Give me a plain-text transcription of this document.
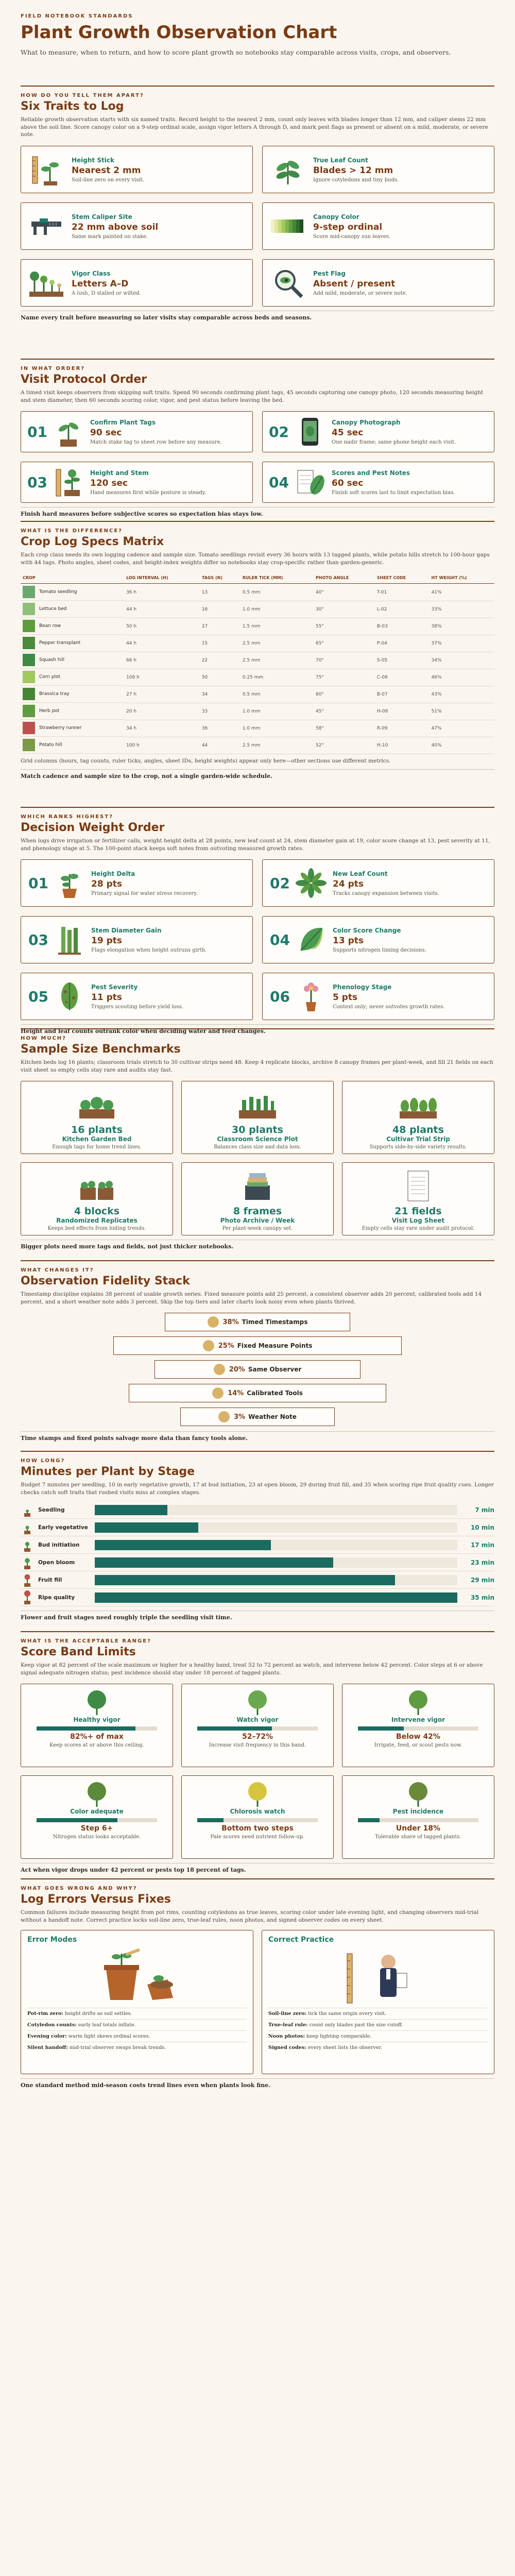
FIELD NOTEBOOK STANDARDS
Plant Growth Observation Chart

What to measure, when to return, and how to score plant growth so notebooks stay comparable across visits, crops, and observers.

HOW DO YOU TELL THEM APART?
Six Traits to Log

Reliable growth observation starts with six named traits. Record height to the nearest 2 mm, count only leaves with blades longer than 12 mm, and caliper stems 22 mm above the soil line. Score canopy color on a 9-step ordinal scale, assign vigor letters A through D, and mark pest flags as present or absent on a mild, moderate, or severe note.

Height Stick
Nearest 2 mm
Soil-line zero on every visit.
True Leaf Count
Blades > 12 mm
Ignore cotyledons and tiny buds.
Stem Caliper Site
22 mm above soil
Same mark painted on stake.
Canopy Color
9-step ordinal
Score mid-canopy sun leaves.
Vigor Class
Letters A–D
A lush, D stalled or wilted.
Pest Flag
Absent / present
Add mild, moderate, or severe note.
Name every trait before measuring so later visits stay comparable across beds and seasons.
IN WHAT ORDER?
Visit Protocol Order

A timed visit keeps observers from skipping soft traits. Spend 90 seconds confirming plant tags, 45 seconds capturing one canopy photo, 120 seconds measuring height and stem diameter, then 60 seconds scoring color, vigor, and pest status before leaving the bed.

01
Confirm Plant Tags
90 sec
Match stake tag to sheet row before any measure.
02
Canopy Photograph
45 sec
One nadir frame; same phone height each visit.
03
Height and Stem
120 sec
Hand measures first while posture is steady.
04
Scores and Pest Notes
60 sec
Finish soft scores last to limit expectation bias.
Finish hard measures before subjective scores so expectation bias stays low.
WHAT IS THE DIFFERENCE?
Crop Log Specs Matrix

Each crop class needs its own logging cadence and sample size. Tomato seedlings revisit every 36 hours with 13 tagged plants, while potato hills stretch to 100-hour gaps with 44 tags. Photo angles, sheet codes, and height-index weights differ so notebooks stay crop-specific rather than garden-generic.

CROP	LOG INTERVAL (H)	TAGS (N)	RULER TICK (MM)	PHOTO ANGLE	SHEET CODE	HT WEIGHT (%)

Tomato seedling	36 h	13	0.5 mm	40°	T-01	41%

Lettuce bed	44 h	16	1.0 mm	30°	L-02	33%

Bean row	50 h	27	1.5 mm	55°	B-03	38%

Pepper transplant	44 h	15	2.5 mm	65°	P-04	37%

Squash hill	66 h	22	2.5 mm	70°	S-05	34%

Corn plot	108 h	50	0.25 mm	75°	C-06	46%

Brassica tray	27 h	34	0.5 mm	60°	B-07	43%

Herb pot	20 h	33	1.0 mm	45°	H-08	51%

Strawberry runner	34 h	36	1.0 mm	58°	R-09	47%

Potato hill	100 h	44	2.5 mm	52°	H-10	40%

Grid columns (hours, tag counts, ruler ticks, angles, sheet IDs, height weights) appear only here—other sections use different metrics.

Match cadence and sample size to the crop, not a single garden-wide schedule.
WHICH RANKS HIGHEST?
Decision Weight Order

When logs drive irrigation or fertilizer calls, weight height delta at 28 points, new leaf count at 24, stem diameter gain at 19, color score change at 13, pest severity at 11, and phenology stage at 5. The 100-point stack keeps soft notes from outvoting measured growth rates.

01
Height Delta
28 pts
Primary signal for water stress recovery.
02
New Leaf Count
24 pts
Tracks canopy expansion between visits.
03
Stem Diameter Gain
19 pts
Flags elongation when height outruns girth.
04
Color Score Change
13 pts
Supports nitrogen timing decisions.
05
Pest Severity
11 pts
Triggers scouting before yield loss.
06
Phenology Stage
5 pts
Context only; never outvotes growth rates.
Height and leaf counts outrank color when deciding water and feed changes.
HOW MUCH?
Sample Size Benchmarks

Kitchen beds log 16 plants; classroom trials stretch to 30 cultivar strips need 48. Keep 4 replicate blocks, archive 8 canopy frames per plant-week, and fill 21 fields on each visit sheet so empty cells stay rare and audits stay fast.

16 plants
Kitchen Garden Bed
Enough tags for home trend lines.
30 plants
Classroom Science Plot
Balances class size and data loss.
48 plants
Cultivar Trial Strip
Supports side-by-side variety results.
4 blocks
Randomized Replicates
Keeps bed effects from hiding trends.
8 frames
Photo Archive / Week
Per plant-week canopy set.
21 fields
Visit Log Sheet
Empty cells stay rare under audit protocol.
Bigger plots need more tags and fields, not just thicker notebooks.
WHAT CHANGES IT?
Observation Fidelity Stack

Timestamp discipline explains 38 percent of usable growth series. Fixed measure points add 25 percent, a consistent observer adds 20 percent, calibrated tools add 14 percent, and a short weather note adds 3 percent. Skip the top tiers and later charts look noisy even when plants thrived.

38% Timed Timestamps
25% Fixed Measure Points
20% Same Observer
14% Calibrated Tools
3% Weather Note
Time stamps and fixed points salvage more data than fancy tools alone.
HOW LONG?
Minutes per Plant by Stage

Budget 7 minutes per seedling, 10 in early vegetative growth, 17 at bud initiation, 23 at open bloom, 29 during fruit fill, and 35 when scoring ripe fruit quality cues. Longer checks catch soft traits that rushed visits miss at complex stages.

Seedling	7 min
Early vegetative	10 min
Bud initiation	17 min
Open bloom	23 min
Fruit fill	29 min
Ripe quality	35 min
Flower and fruit stages need roughly triple the seedling visit time.
WHAT IS THE ACCEPTABLE RANGE?
Score Band Limits

Keep vigor at 82 percent of the scale maximum or higher for a healthy band, treat 52 to 72 percent as watch, and intervene below 42 percent. Color steps at 6 or above signal adequate nitrogen status; pest incidence should stay under 18 percent of tagged plants.

Healthy vigor
82%+ of max
Keep scores at or above this ceiling.
Watch vigor
52–72%
Increase visit frequency in this band.
Intervene vigor
Below 42%
Irrigate, feed, or scout pests now.
Color adequate
Step 6+
Nitrogen status looks acceptable.
Chlorosis watch
Bottom two steps
Pale scores need nutrient follow-up.
Pest incidence
Under 18%
Tolerable share of tagged plants.
Act when vigor drops under 42 percent or pests top 18 percent of tags.
WHAT GOES WRONG AND WHY?
Log Errors Versus Fixes

Common failures include measuring height from pot rims, counting cotyledons as true leaves, scoring color under late evening light, and changing observers mid-trial without a handoff note. Correct practice locks soil-line zero, true-leaf rules, noon photos, and signed observer codes on every sheet.

Error Modes
Pot-rim zero: height drifts as soil settles.
Cotyledon counts: early leaf totals inflate.
Evening color: warm light skews ordinal scores.
Silent handoff: mid-trial observer swaps break trends.
Correct Practice
Soil-line zero: tick the same origin every visit.
True-leaf rule: count only blades past the size cutoff.
Noon photos: keep lighting comparable.
Signed codes: every sheet lists the observer.
One standard method mid-season costs trend lines even when plants look fine.
